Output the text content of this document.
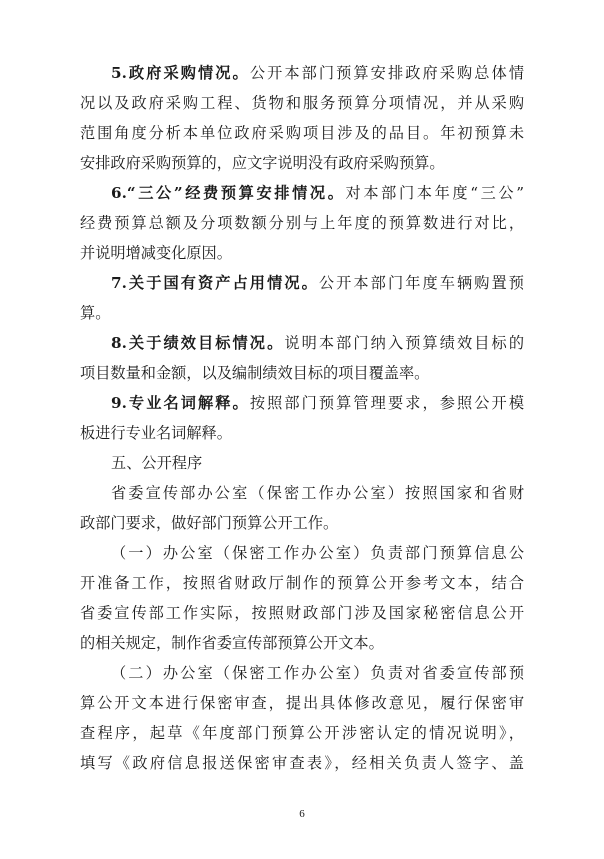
5.政府采购情况。公开本部门预算安排政府采购总体情
况以及政府采购工程、货物和服务预算分项情况，并从采购
范围角度分析本单位政府采购项目涉及的品目。年初预算未
安排政府采购预算的，应文字说明没有政府采购预算。
6.“三公”经费预算安排情况。对本部门本年度“三公”
经费预算总额及分项数额分别与上年度的预算数进行对比，
并说明增减变化原因。
7.关于国有资产占用情况。公开本部门年度车辆购置预
算。
8.关于绩效目标情况。说明本部门纳入预算绩效目标的
项目数量和金额，以及编制绩效目标的项目覆盖率。
9.专业名词解释。按照部门预算管理要求，参照公开模
板进行专业名词解释。
五、公开程序
省委宣传部办公室（保密工作办公室）按照国家和省财
政部门要求，做好部门预算公开工作。
（一）办公室（保密工作办公室）负责部门预算信息公
开准备工作，按照省财政厅制作的预算公开参考文本，结合
省委宣传部工作实际，按照财政部门涉及国家秘密信息公开
的相关规定，制作省委宣传部预算公开文本。
（二）办公室（保密工作办公室）负责对省委宣传部预
算公开文本进行保密审查，提出具体修改意见，履行保密审
查程序，起草《年度部门预算公开涉密认定的情况说明》，
填写《政府信息报送保密审查表》，经相关负责人签字、盖
6
